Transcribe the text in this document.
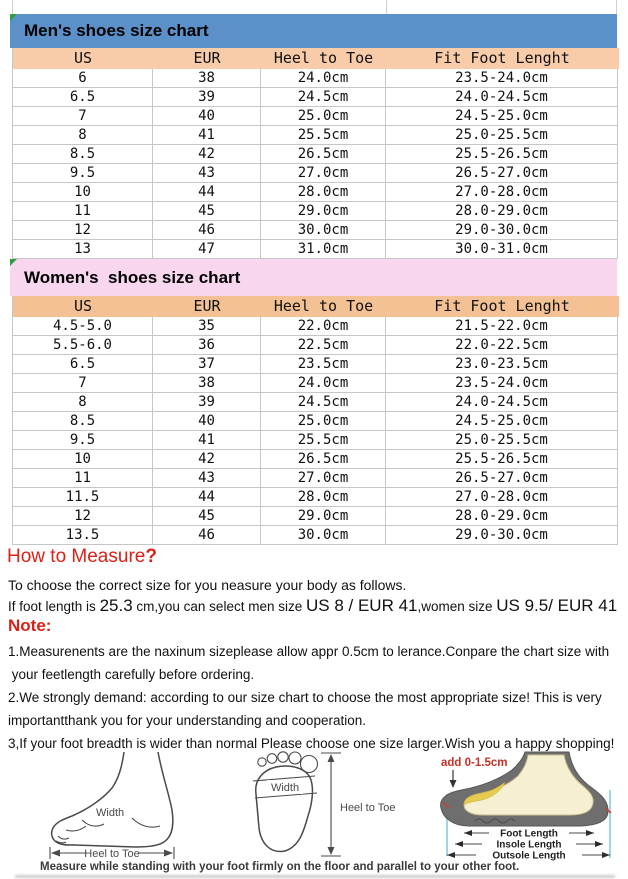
Men's shoes size chart
US	EUR	Heel to Toe	Fit Foot Lenght
6	38	24.0cm	23.5-24.0cm
6.5	39	24.5cm	24.0-24.5cm
7	40	25.0cm	24.5-25.0cm
8	41	25.5cm	25.0-25.5cm
8.5	42	26.5cm	25.5-26.5cm
9.5	43	27.0cm	26.5-27.0cm
10	44	28.0cm	27.0-28.0cm
11	45	29.0cm	28.0-29.0cm
12	46	30.0cm	29.0-30.0cm
13	47	31.0cm	30.0-31.0cm
Women's  shoes size chart
US	EUR	Heel to Toe	Fit Foot Lenght
4.5-5.0	35	22.0cm	21.5-22.0cm
5.5-6.0	36	22.5cm	22.0-22.5cm
6.5	37	23.5cm	23.0-23.5cm
7	38	24.0cm	23.5-24.0cm
8	39	24.5cm	24.0-24.5cm
8.5	40	25.0cm	24.5-25.0cm
9.5	41	25.5cm	25.0-25.5cm
10	42	26.5cm	25.5-26.5cm
11	43	27.0cm	26.5-27.0cm
11.5	44	28.0cm	27.0-28.0cm
12	45	29.0cm	28.0-29.0cm
13.5	46	30.0cm	29.0-30.0cm
How to Measure?
To choose the correct size for you neasure your body as follows.
If foot length is 25.3 cm,you can select men size US 8 / EUR 41,women size US 9.5/ EUR 41
Note:
1.Measurenents are the naxinum sizeplease allow appr 0.5cm to lerance.Conpare the chart size with
your feetlength carefully before ordering.
2.We strongly demand: according to our size chart to choose the most appropriate size! This is very
importantthank you for your understanding and cooperation.
3,If your foot breadth is wider than normal Please choose one size larger.Wish you a happy shopping!
Width
Heel to Toe
Width
Heel to Toe
add 0-1.5cm
Foot Length
Insole Length
Outsole Length
Measure while standing with your foot firmly on the floor and parallel to your other foot.
